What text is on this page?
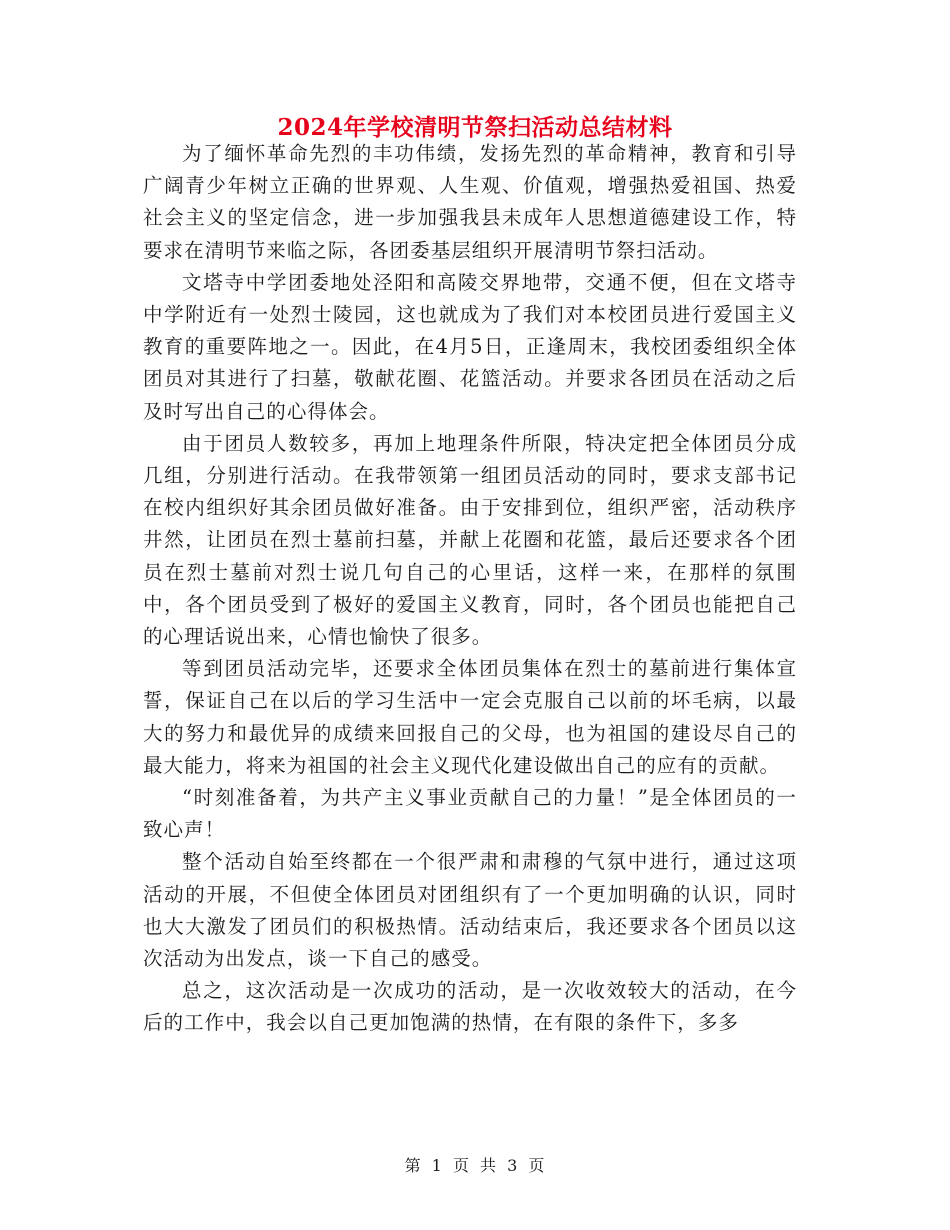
2024年学校清明节祭扫活动总结材料

为了缅怀革命先烈的丰功伟绩，发扬先烈的革命精神，教育和引导广阔青少年树立正确的世界观、人生观、价值观，增强热爱祖国、热爱社会主义的坚定信念，进一步加强我县未成年人思想道德建设工作，特要求在清明节来临之际，各团委基层组织开展清明节祭扫活动。

文塔寺中学团委地处泾阳和高陵交界地带，交通不便，但在文塔寺中学附近有一处烈士陵园，这也就成为了我们对本校团员进行爱国主义教育的重要阵地之一。因此，在4月5日，正逢周末，我校团委组织全体团员对其进行了扫墓，敬献花圈、花篮活动。并要求各团员在活动之后及时写出自己的心得体会。

由于团员人数较多，再加上地理条件所限，特决定把全体团员分成几组，分别进行活动。在我带领第一组团员活动的同时，要求支部书记在校内组织好其余团员做好准备。由于安排到位，组织严密，活动秩序井然，让团员在烈士墓前扫墓，并献上花圈和花篮，最后还要求各个团员在烈士墓前对烈士说几句自己的心里话，这样一来，在那样的氛围中，各个团员受到了极好的爱国主义教育，同时，各个团员也能把自己的心理话说出来，心情也愉快了很多。

等到团员活动完毕，还要求全体团员集体在烈士的墓前进行集体宣誓，保证自己在以后的学习生活中一定会克服自己以前的坏毛病，以最大的努力和最优异的成绩来回报自己的父母，也为祖国的建设尽自己的最大能力，将来为祖国的社会主义现代化建设做出自己的应有的贡献。

“时刻准备着，为共产主义事业贡献自己的力量！”是全体团员的一致心声！

整个活动自始至终都在一个很严肃和肃穆的气氛中进行，通过这项活动的开展，不但使全体团员对团组织有了一个更加明确的认识，同时也大大激发了团员们的积极热情。活动结束后，我还要求各个团员以这次活动为出发点，谈一下自己的感受。

总之，这次活动是一次成功的活动，是一次收效较大的活动，在今后的工作中，我会以自己更加饱满的热情，在有限的条件下，多多

第 1 页 共 3 页
